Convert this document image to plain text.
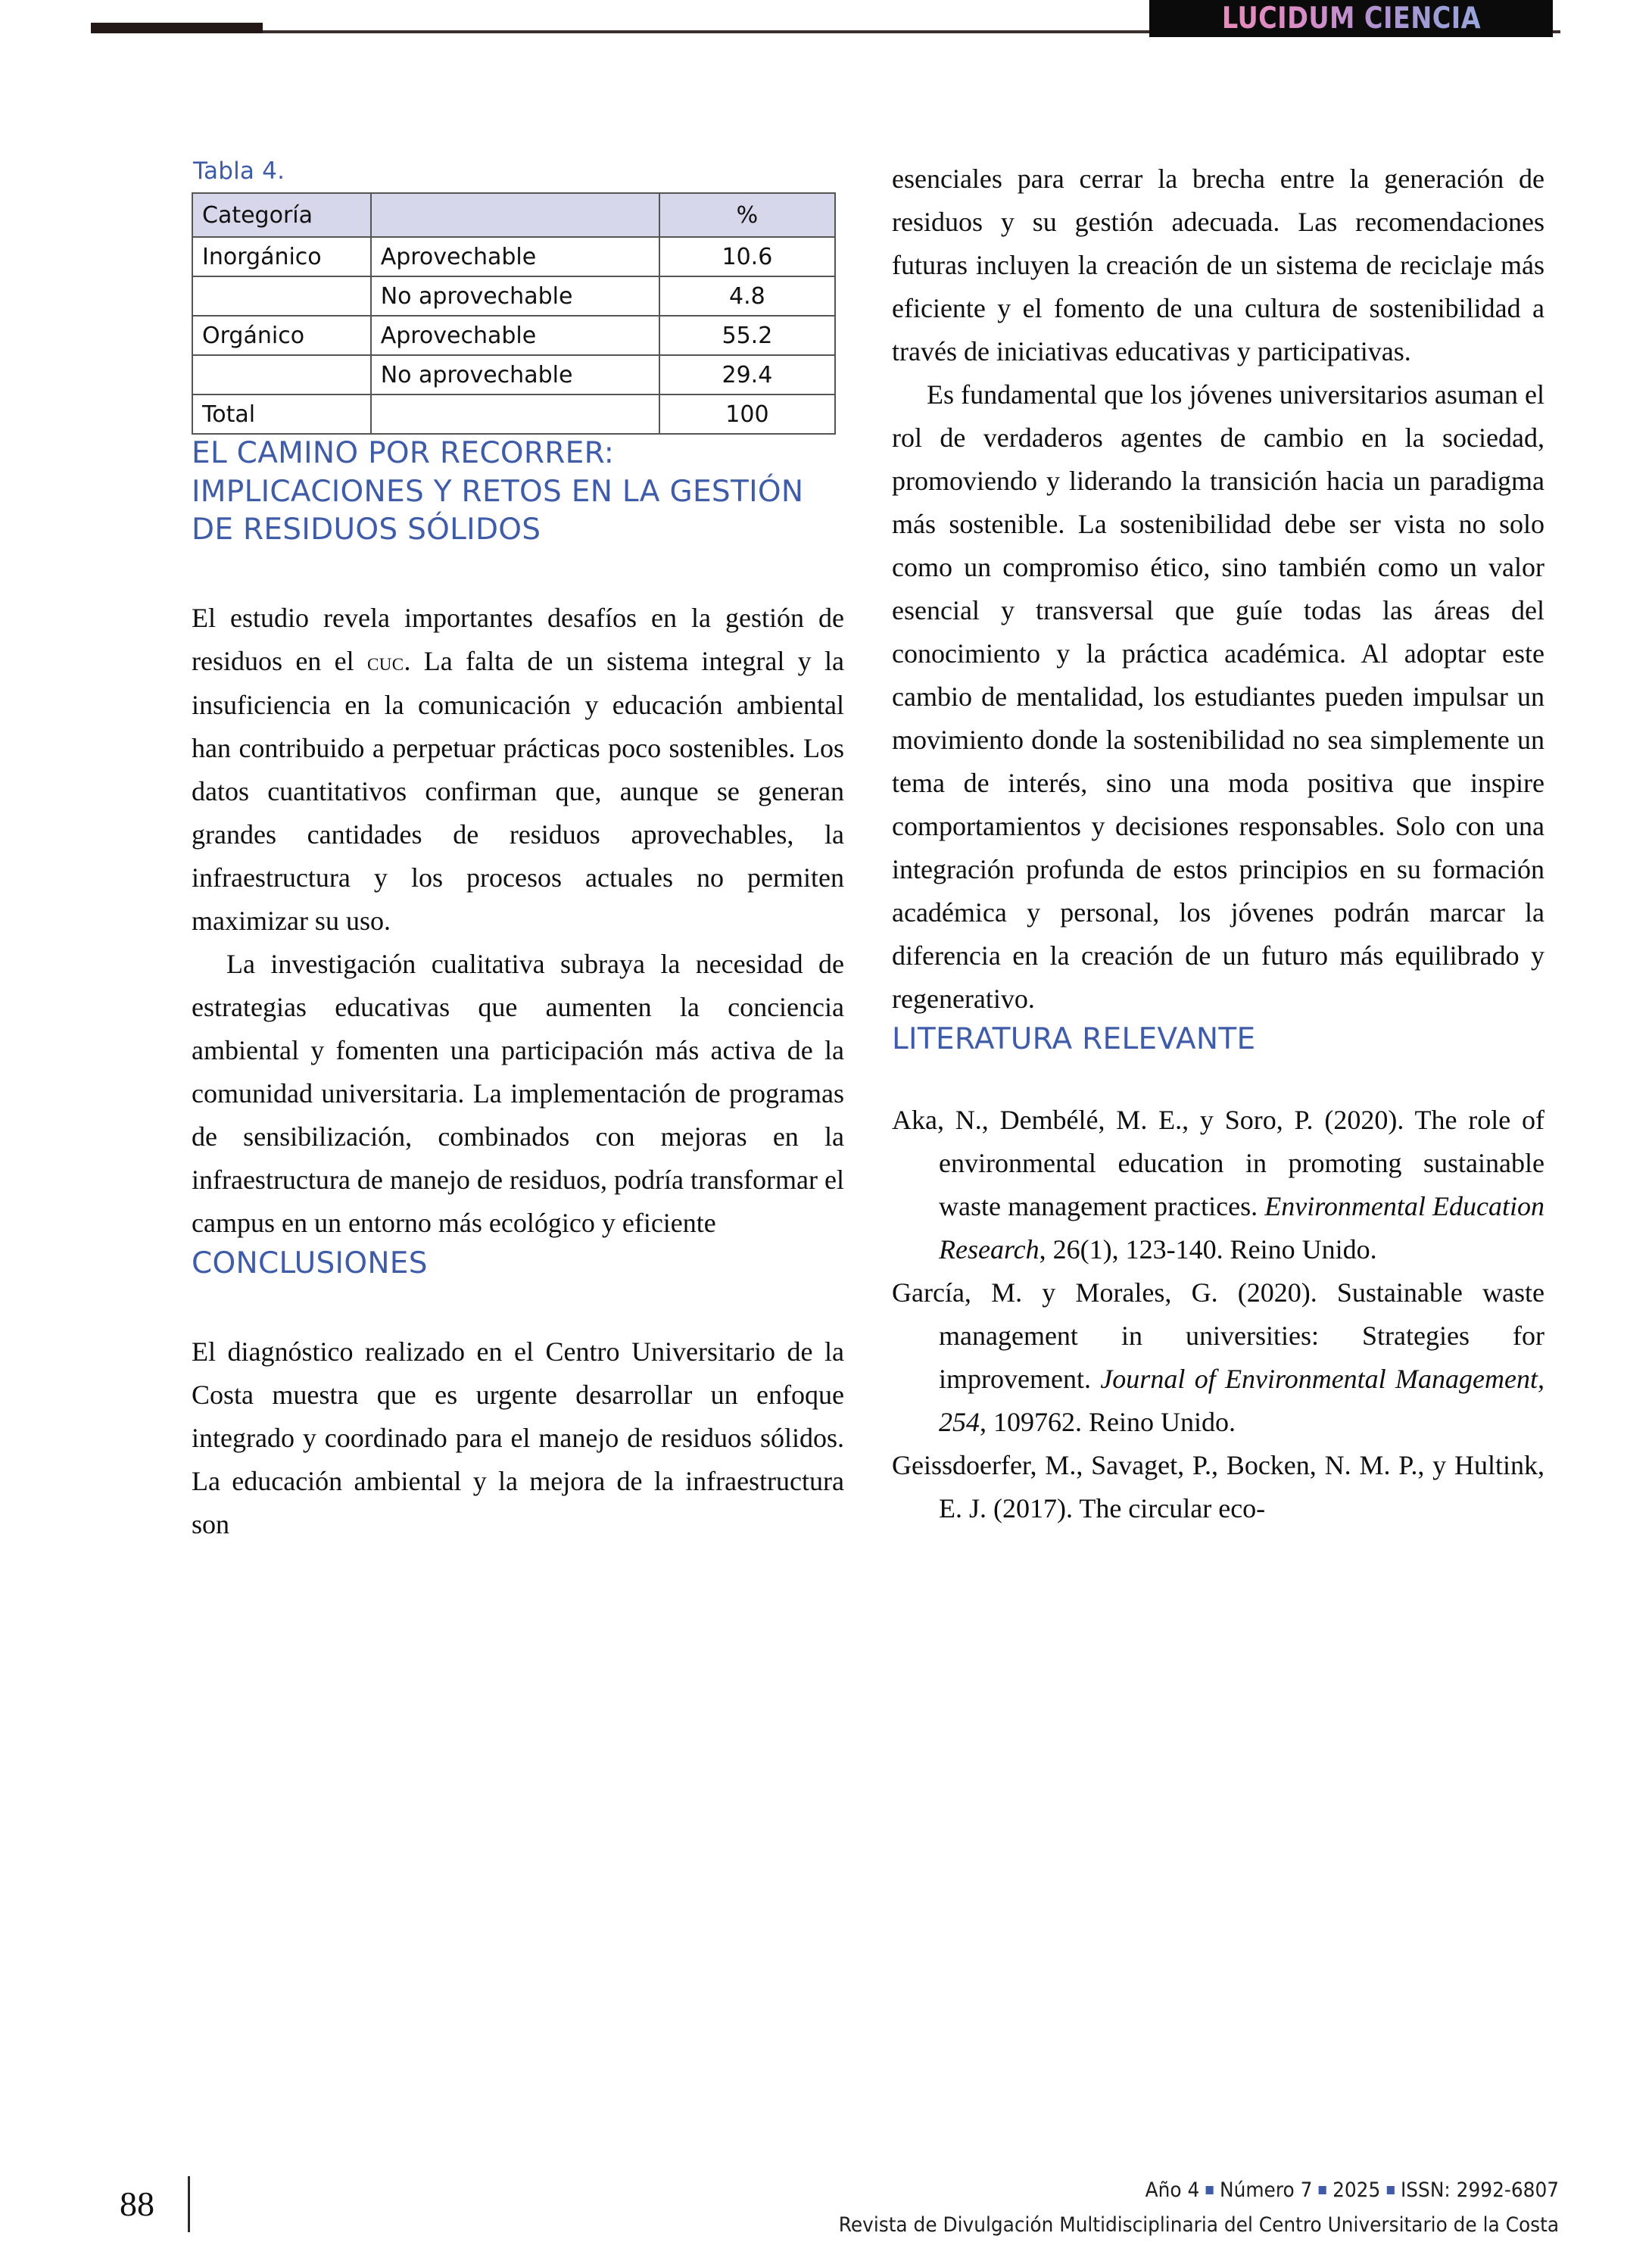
LUCIDUM CIENCIA
Tabla 4.
Categoría		%
Inorgánico	Aprovechable	10.6
	No aprovechable	4.8
Orgánico	Aprovechable	55.2
	No aprovechable	29.4
Total		100
EL CAMINO POR RECORRER: IMPLICACIONES Y RETOS EN LA GESTIÓN DE RESIDUOS SÓLIDOS

El estudio revela importantes desafíos en la gestión de residuos en el cuc. La falta de un sistema integral y la insuficiencia en la comunicación y educación ambiental han contribuido a perpetuar prácticas poco sostenibles. Los datos cuantitativos confirman que, aunque se generan grandes cantidades de residuos aprovechables, la infraestructura y los procesos actuales no permiten maximizar su uso.

La investigación cualitativa subraya la necesidad de estrategias educativas que aumenten la conciencia ambiental y fomenten una participación más activa de la comunidad universitaria. La implementación de programas de sensibilización, combinados con mejoras en la infraestructura de manejo de residuos, podría transformar el campus en un entorno más ecológico y eficiente

CONCLUSIONES

El diagnóstico realizado en el Centro Universitario de la Costa muestra que es urgente desarrollar un enfoque integrado y coordinado para el manejo de residuos sólidos. La educación ambiental y la mejora de la infraestructura son

esenciales para cerrar la brecha entre la generación de residuos y su gestión adecuada. Las recomendaciones futuras incluyen la creación de un sistema de reciclaje más eficiente y el fomento de una cultura de sostenibilidad a través de iniciativas educativas y participativas.

Es fundamental que los jóvenes universitarios asuman el rol de verdaderos agentes de cambio en la sociedad, promoviendo y liderando la transición hacia un paradigma más sostenible. La sostenibilidad debe ser vista no solo como un compromiso ético, sino también como un valor esencial y transversal que guíe todas las áreas del conocimiento y la práctica académica. Al adoptar este cambio de mentalidad, los estudiantes pueden impulsar un movimiento donde la sostenibilidad no sea simplemente un tema de interés, sino una moda positiva que inspire comportamientos y decisiones responsables. Solo con una integración profunda de estos principios en su formación académica y personal, los jóvenes podrán marcar la diferencia en la creación de un futuro más equilibrado y regenerativo.

LITERATURA RELEVANTE

Aka, N., Dembélé, M. E., y Soro, P. (2020). The role of environmental education in promoting sustainable waste management practices. Environmental Education Research, 26(1), 123-140. Reino Unido.

García, M. y Morales, G. (2020). Sustainable waste management in universities: Strategies for improvement. Journal of Environmental Management, 254, 109762. Reino Unido.

Geissdoerfer, M., Savaget, P., Bocken, N. M. P., y Hultink, E. J. (2017). The circular eco-

88	Año 4 Número 7 2025 ISSN: 2992-6807
Revista de Divulgación Multidisciplinaria del Centro Universitario de la Costa
